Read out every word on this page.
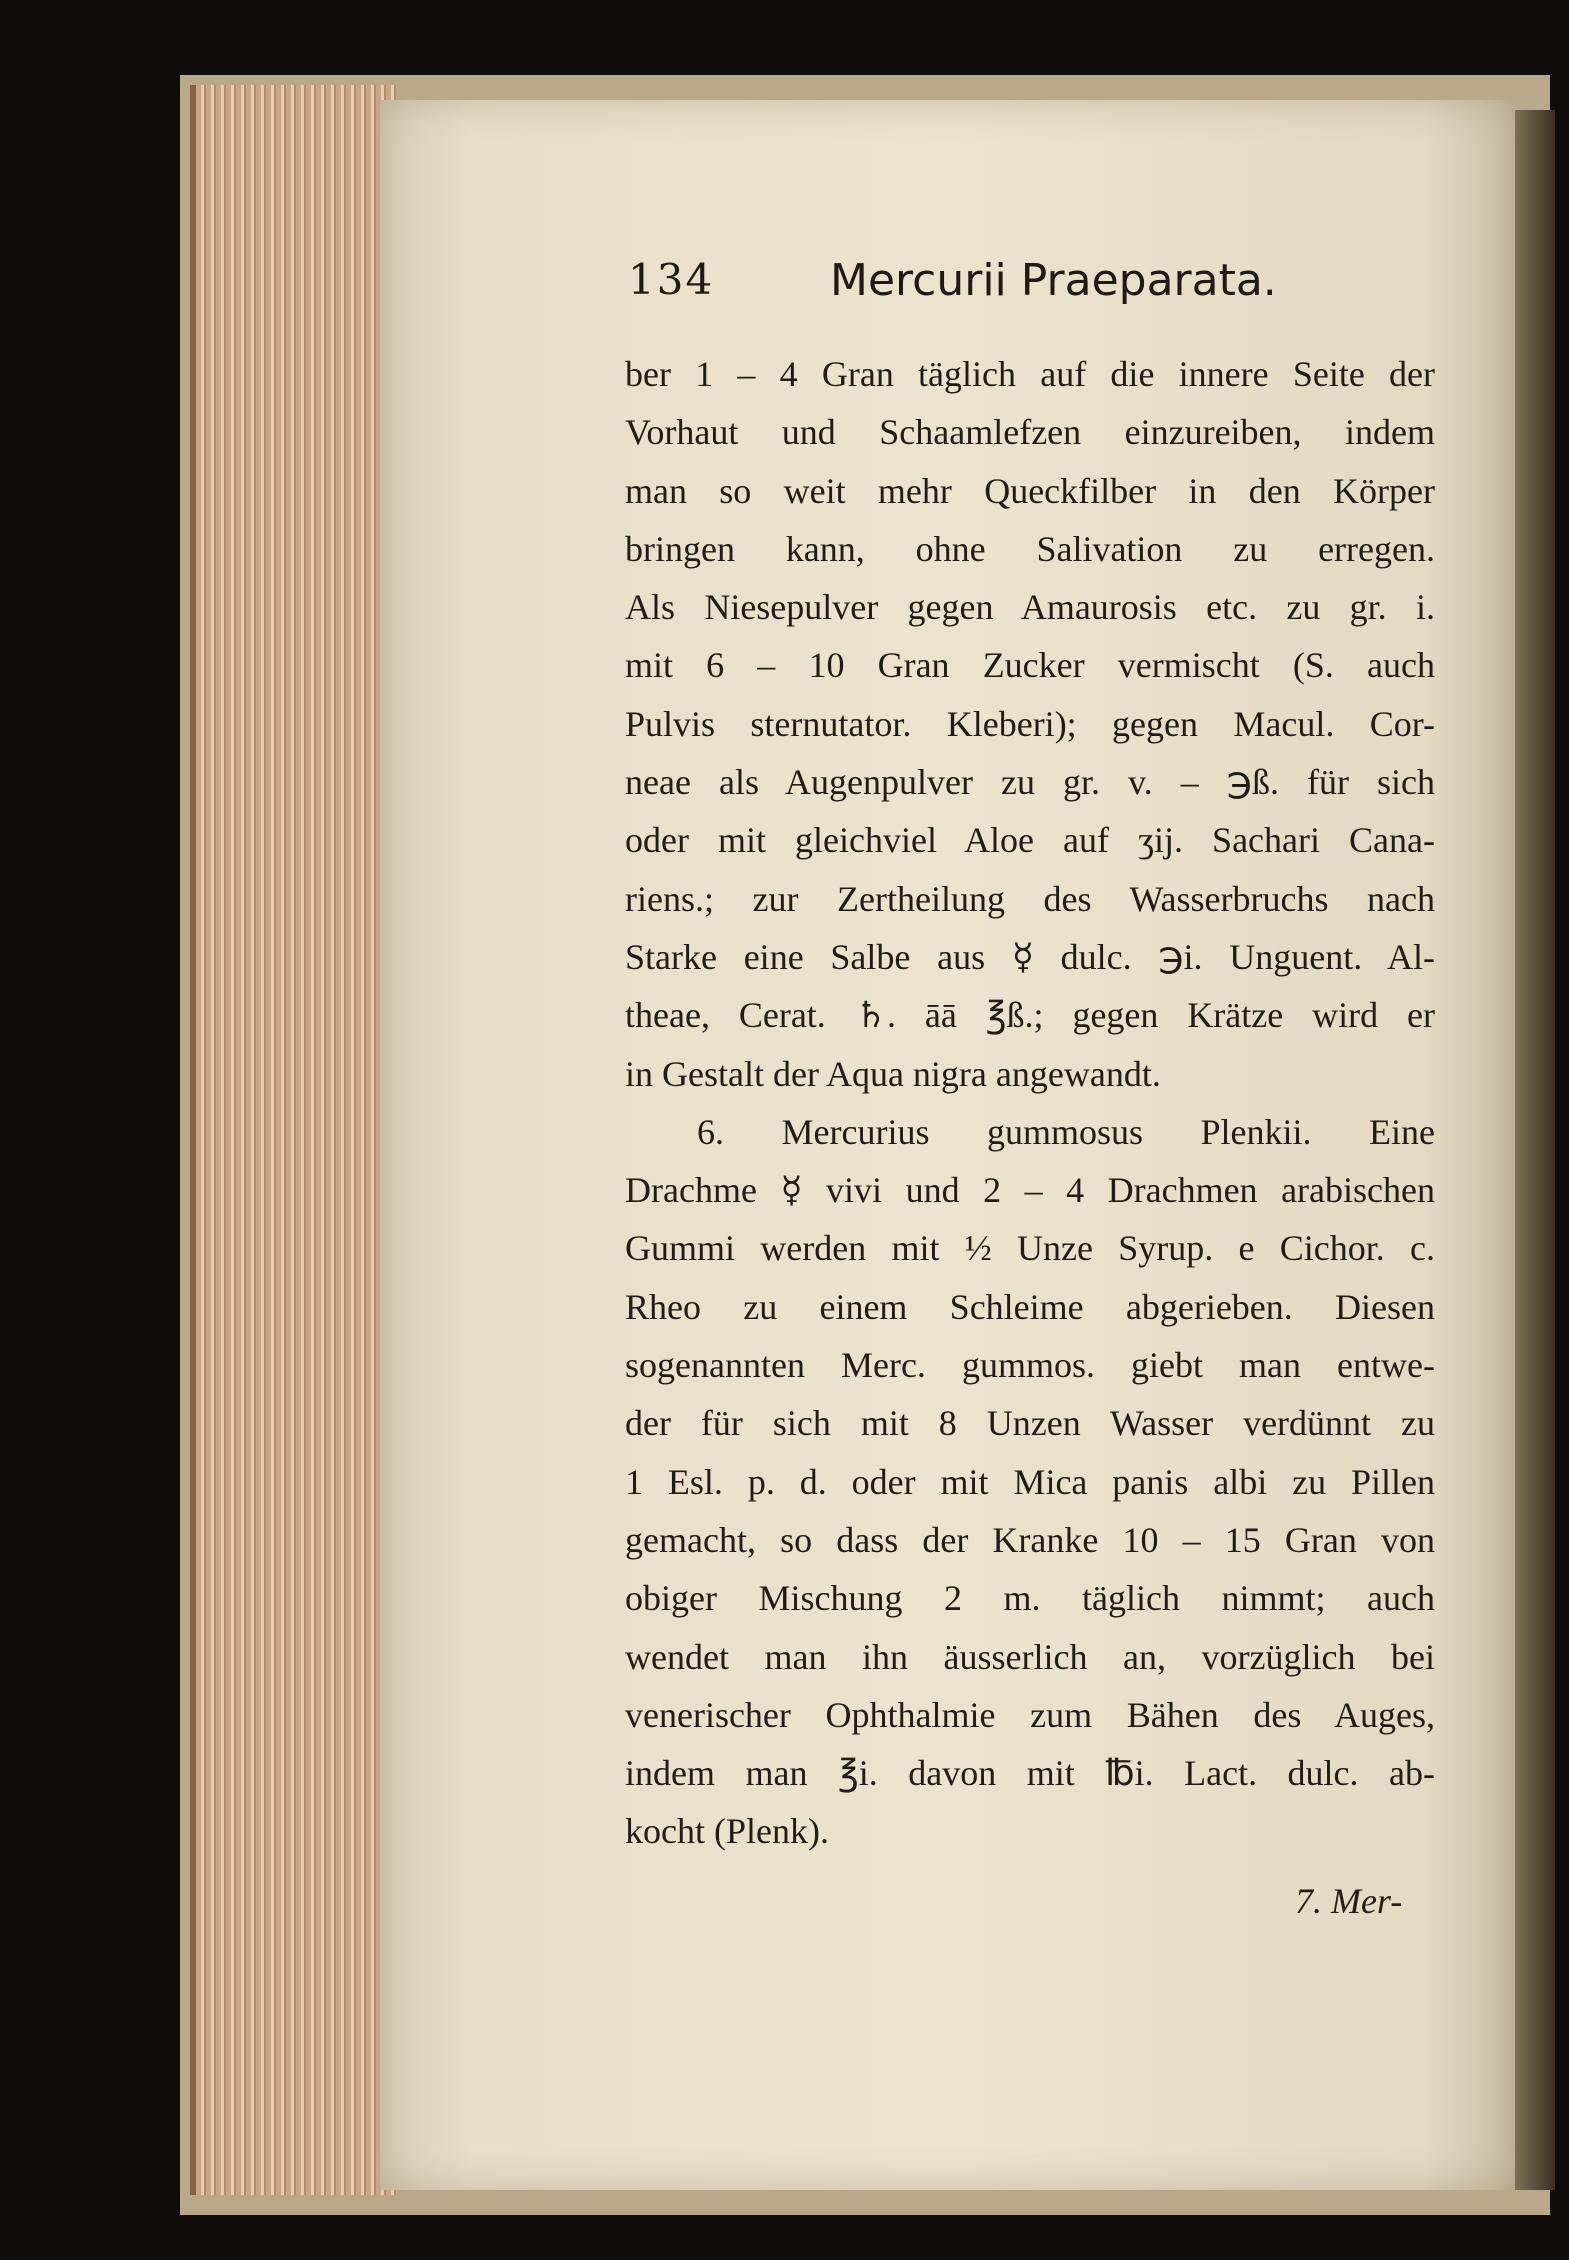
134	Mercurii Praeparata.
ber 1 – 4 Gran täglich auf die innere Seite der
Vorhaut und Schaamlefzen einzureiben, indem
man so weit mehr Queckfilber in den Körper
bringen kann, ohne Salivation zu erregen.
Als Niesepulver gegen Amaurosis etc. zu gr. i.
mit 6 – 10 Gran Zucker vermischt (S. auch
Pulvis sternutator. Kleberi); gegen Macul. Cor-
neae als Augenpulver zu gr. v. – ℈ß. für sich
oder mit gleichviel Aloe auf ʒij. Sachari Cana-
riens.; zur Zertheilung des Wasserbruchs nach
Starke eine Salbe aus ☿ dulc. ℈i. Unguent. Al-
theae, Cerat. ♄. āā ℥ß.; gegen Krätze wird er
in Gestalt der Aqua nigra angewandt.
6. Mercurius gummosus Plenkii. Eine
Drachme ☿ vivi und 2 – 4 Drachmen arabischen
Gummi werden mit ½ Unze Syrup. e Cichor. c.
Rheo zu einem Schleime abgerieben. Diesen
sogenannten Merc. gummos. giebt man entwe-
der für sich mit 8 Unzen Wasser verdünnt zu
1 Esl. p. d. oder mit Mica panis albi zu Pillen
gemacht, so dass der Kranke 10 – 15 Gran von
obiger Mischung 2 m. täglich nimmt; auch
wendet man ihn äusserlich an, vorzüglich bei
venerischer Ophthalmie zum Bähen des Auges,
indem man ℥i. davon mit ℔i. Lact. dulc. ab-
kocht (Plenk).
7. Mer-
